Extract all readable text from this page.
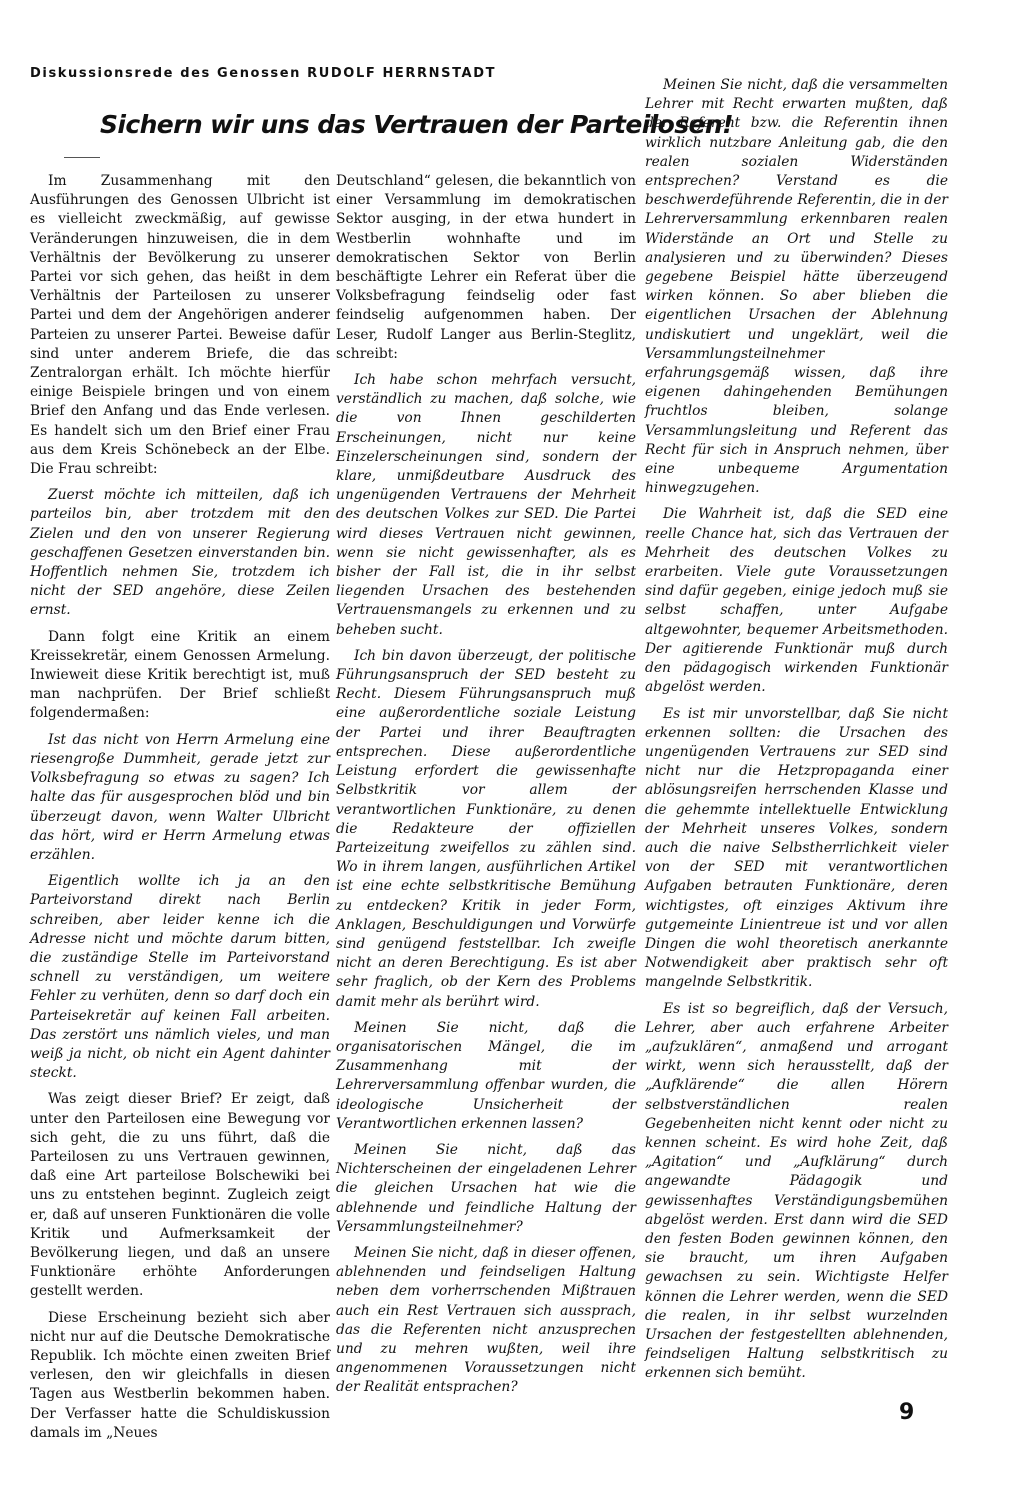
Diskussionsrede des Genossen RUDOLF HERRNSTADT
Sichern wir uns das Vertrauen der Parteilosen!

Im Zusammenhang mit den Ausführungen des Genossen Ulbricht ist es vielleicht zweckmäßig, auf gewisse Veränderungen hinzuweisen, die in dem Verhältnis der Bevölkerung zu unserer Partei vor sich gehen, das heißt in dem Verhältnis der Parteilosen zu unserer Partei und dem der Angehörigen anderer Parteien zu unserer Partei. Beweise dafür sind unter anderem Briefe, die das Zentralorgan erhält. Ich möchte hierfür einige Beispiele bringen und von einem Brief den Anfang und das Ende verlesen. Es handelt sich um den Brief einer Frau aus dem Kreis Schönebeck an der Elbe. Die Frau schreibt:

Zuerst möchte ich mitteilen, daß ich parteilos bin, aber trotzdem mit den Zielen und den von unserer Regierung geschaffenen Gesetzen einverstanden bin. Hoffentlich nehmen Sie, trotzdem ich nicht der SED angehöre, diese Zeilen ernst.

Dann folgt eine Kritik an einem Kreissekretär, einem Genossen Armelung. Inwieweit diese Kritik berechtigt ist, muß man nachprüfen. Der Brief schließt folgendermaßen:

Ist das nicht von Herrn Armelung eine riesengroße Dummheit, gerade jetzt zur Volksbefragung so etwas zu sagen? Ich halte das für ausgesprochen blöd und bin überzeugt davon, wenn Walter Ulbricht das hört, wird er Herrn Armelung etwas erzählen.

Eigentlich wollte ich ja an den Parteivorstand direkt nach Berlin schreiben, aber leider kenne ich die Adresse nicht und möchte darum bitten, die zuständige Stelle im Parteivorstand schnell zu verständigen, um weitere Fehler zu verhüten, denn so darf doch ein Parteisekretär auf keinen Fall arbeiten. Das zerstört uns nämlich vieles, und man weiß ja nicht, ob nicht ein Agent dahinter steckt.

Was zeigt dieser Brief? Er zeigt, daß unter den Parteilosen eine Bewegung vor sich geht, die zu uns führt, daß die Parteilosen zu uns Vertrauen gewinnen, daß eine Art parteilose Bolschewiki bei uns zu entstehen beginnt. Zugleich zeigt er, daß auf unseren Funktionären die volle Kritik und Aufmerksamkeit der Bevölkerung liegen, und daß an unsere Funktionäre erhöhte Anforderungen gestellt werden.

Diese Erscheinung bezieht sich aber nicht nur auf die Deutsche Demokratische Republik. Ich möchte einen zweiten Brief verlesen, den wir gleichfalls in diesen Tagen aus Westberlin bekommen haben. Der Verfasser hatte die Schuldiskussion damals im „Neues

Deutschland“ gelesen, die bekanntlich von einer Versammlung im demokratischen Sektor ausging, in der etwa hundert in Westberlin wohnhafte und im demokratischen Sektor von Berlin beschäftigte Lehrer ein Referat über die Volksbefragung feindselig oder fast feindselig aufgenommen haben. Der Leser, Rudolf Langer aus Berlin-Steglitz, schreibt:

Ich habe schon mehrfach versucht, verständlich zu machen, daß solche, wie die von Ihnen geschilderten Erscheinungen, nicht nur keine Einzelerscheinungen sind, sondern der klare, unmißdeutbare Ausdruck des ungenügenden Vertrauens der Mehrheit des deutschen Volkes zur SED. Die Partei wird dieses Vertrauen nicht gewinnen, wenn sie nicht gewissenhafter, als es bisher der Fall ist, die in ihr selbst liegenden Ursachen des bestehenden Vertrauensmangels zu erkennen und zu beheben sucht.

Ich bin davon überzeugt, der politische Führungsanspruch der SED besteht zu Recht. Diesem Führungsanspruch muß eine außerordentliche soziale Leistung der Partei und ihrer Beauftragten entsprechen. Diese außerordentliche Leistung erfordert die gewissenhafte Selbstkritik vor allem der verantwortlichen Funktionäre, zu denen die Redakteure der offiziellen Parteizeitung zweifellos zu zählen sind. Wo in ihrem langen, ausführlichen Artikel ist eine echte selbstkritische Bemühung zu entdecken? Kritik in jeder Form, Anklagen, Beschuldigungen und Vorwürfe sind genügend feststellbar. Ich zweifle nicht an deren Berechtigung. Es ist aber sehr fraglich, ob der Kern des Problems damit mehr als berührt wird.

Meinen Sie nicht, daß die organisatorischen Mängel, die im Zusammenhang mit der Lehrerversammlung offenbar wurden, die ideologische Unsicherheit der Verantwortlichen erkennen lassen?

Meinen Sie nicht, daß das Nichterscheinen der eingeladenen Lehrer die gleichen Ursachen hat wie die ablehnende und feindliche Haltung der Versammlungsteilnehmer?

Meinen Sie nicht, daß in dieser offenen, ablehnenden und feindseligen Haltung neben dem vorherrschenden Mißtrauen auch ein Rest Vertrauen sich aussprach, das die Referenten nicht anzusprechen und zu mehren wußten, weil ihre angenommenen Voraussetzungen nicht der Realität entsprachen?

Meinen Sie nicht, daß die versammelten Lehrer mit Recht erwarten mußten, daß der Referent bzw. die Referentin ihnen wirklich nutzbare Anleitung gab, die den realen sozialen Widerständen entsprechen? Verstand es die beschwerdeführende Referentin, die in der Lehrerversammlung erkennbaren realen Widerstände an Ort und Stelle zu analysieren und zu überwinden? Dieses gegebene Beispiel hätte überzeugend wirken können. So aber blieben die eigentlichen Ursachen der Ablehnung undiskutiert und ungeklärt, weil die Versammlungsteilnehmer erfahrungsgemäß wissen, daß ihre eigenen dahingehenden Bemühungen fruchtlos bleiben, solange Versammlungsleitung und Referent das Recht für sich in Anspruch nehmen, über eine unbequeme Argumentation hinwegzugehen.

Die Wahrheit ist, daß die SED eine reelle Chance hat, sich das Vertrauen der Mehrheit des deutschen Volkes zu erarbeiten. Viele gute Voraussetzungen sind dafür gegeben, einige jedoch muß sie selbst schaffen, unter Aufgabe altgewohnter, bequemer Arbeitsmethoden. Der agitierende Funktionär muß durch den pädagogisch wirkenden Funktionär abgelöst werden.

Es ist mir unvorstellbar, daß Sie nicht erkennen sollten: die Ursachen des ungenügenden Vertrauens zur SED sind nicht nur die Hetzpropaganda einer ablösungsreifen herrschenden Klasse und die gehemmte intellektuelle Entwicklung der Mehrheit unseres Volkes, sondern auch die naive Selbstherrlichkeit vieler von der SED mit verantwortlichen Aufgaben betrauten Funktionäre, deren wichtigstes, oft einziges Aktivum ihre gutgemeinte Linientreue ist und vor allen Dingen die wohl theoretisch anerkannte Notwendigkeit aber praktisch sehr oft mangelnde Selbstkritik.

Es ist so begreiflich, daß der Versuch, Lehrer, aber auch erfahrene Arbeiter „aufzuklären“, anmaßend und arrogant wirkt, wenn sich herausstellt, daß der „Aufklärende“ die allen Hörern selbstverständlichen realen Gegebenheiten nicht kennt oder nicht zu kennen scheint. Es wird hohe Zeit, daß „Agitation“ und „Aufklärung“ durch angewandte Pädagogik und gewissenhaftes Verständigungsbemühen abgelöst werden. Erst dann wird die SED den festen Boden gewinnen können, den sie braucht, um ihren Aufgaben gewachsen zu sein. Wichtigste Helfer können die Lehrer werden, wenn die SED die realen, in ihr selbst wurzelnden Ursachen der festgestellten ablehnenden, feindseligen Haltung selbstkritisch zu erkennen sich bemüht.

9
